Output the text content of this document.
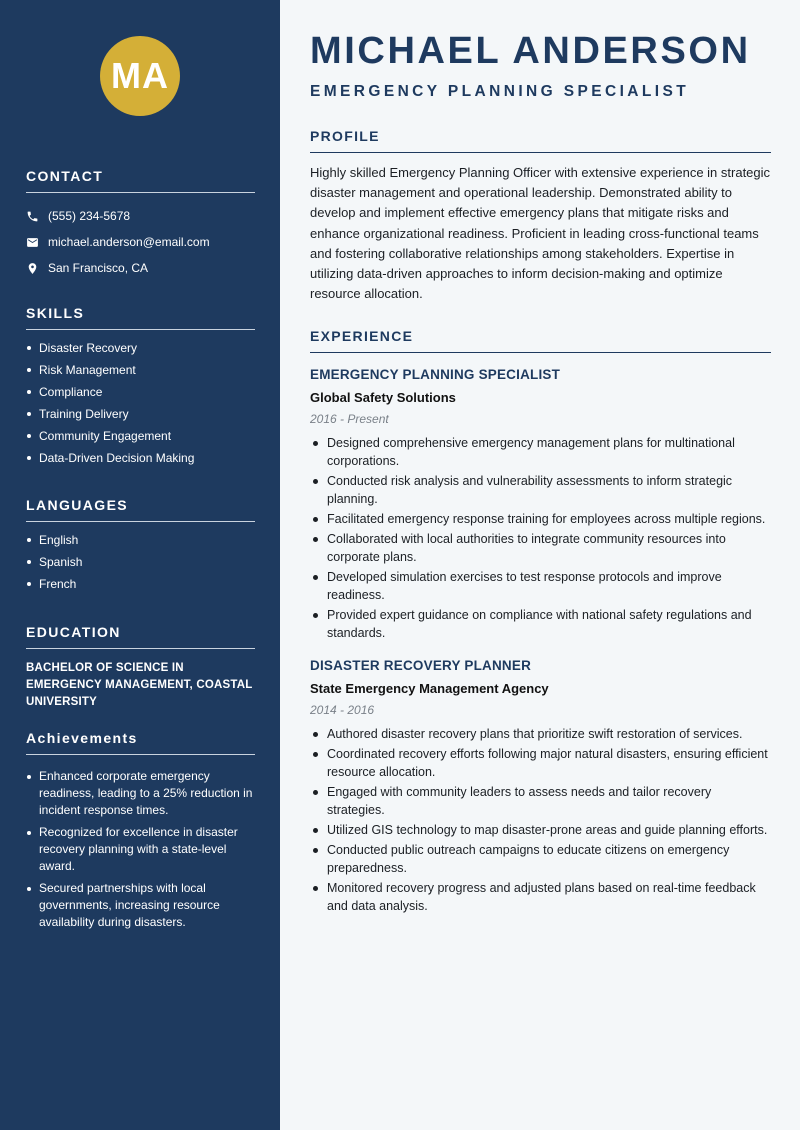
MA
CONTACT
(555) 234-5678
michael.anderson@email.com
San Francisco, CA
SKILLS
Disaster Recovery
Risk Management
Compliance
Training Delivery
Community Engagement
Data-Driven Decision Making
LANGUAGES
English
Spanish
French
EDUCATION
BACHELOR OF SCIENCE IN EMERGENCY MANAGEMENT, COASTAL UNIVERSITY
Achievements
Enhanced corporate emergency readiness, leading to a 25% reduction in incident response times.
Recognized for excellence in disaster recovery planning with a state-level award.
Secured partnerships with local governments, increasing resource availability during disasters.
MICHAEL ANDERSON
EMERGENCY PLANNING SPECIALIST
PROFILE

Highly skilled Emergency Planning Officer with extensive experience in strategic disaster management and operational leadership. Demonstrated ability to develop and implement effective emergency plans that mitigate risks and enhance organizational readiness. Proficient in leading cross-functional teams and fostering collaborative relationships among stakeholders. Expertise in utilizing data-driven approaches to inform decision-making and optimize resource allocation.

EXPERIENCE
EMERGENCY PLANNING SPECIALIST
Global Safety Solutions
2016 - Present
Designed comprehensive emergency management plans for multinational corporations.
Conducted risk analysis and vulnerability assessments to inform strategic planning.
Facilitated emergency response training for employees across multiple regions.
Collaborated with local authorities to integrate community resources into corporate plans.
Developed simulation exercises to test response protocols and improve readiness.
Provided expert guidance on compliance with national safety regulations and standards.
DISASTER RECOVERY PLANNER
State Emergency Management Agency
2014 - 2016
Authored disaster recovery plans that prioritize swift restoration of services.
Coordinated recovery efforts following major natural disasters, ensuring efficient resource allocation.
Engaged with community leaders to assess needs and tailor recovery strategies.
Utilized GIS technology to map disaster-prone areas and guide planning efforts.
Conducted public outreach campaigns to educate citizens on emergency preparedness.
Monitored recovery progress and adjusted plans based on real-time feedback and data analysis.
